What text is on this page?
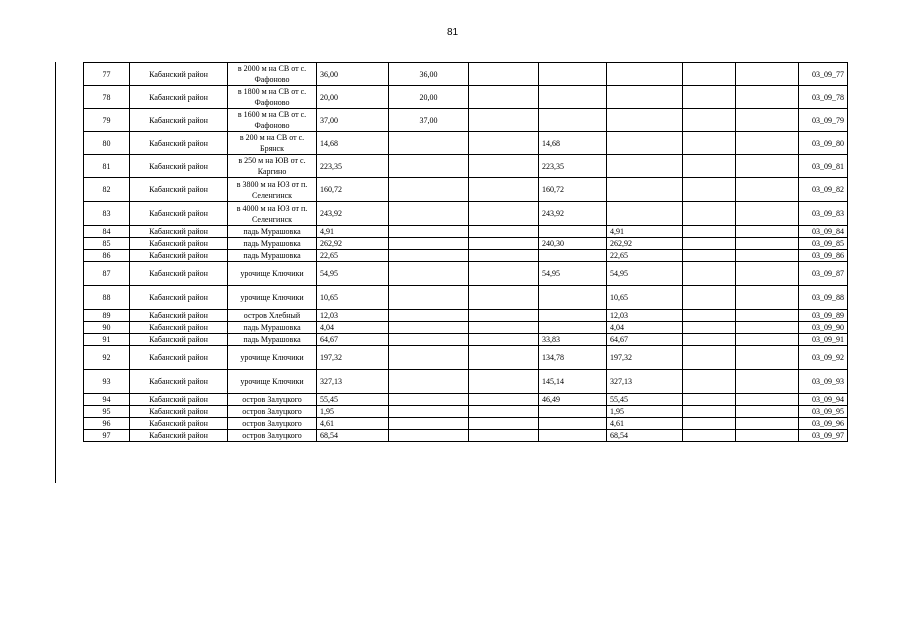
81
77	Кабанский район	в 2000 м на СВ от с. Фафоново	36,00	36,00						03_09_77
78	Кабанский район	в 1800 м на СВ от с. Фафоново	20,00	20,00						03_09_78
79	Кабанский район	в 1600 м на СВ от с. Фафоново	37,00	37,00						03_09_79
80	Кабанский район	в 200 м на СВ от с. Брянск	14,68			14,68				03_09_80
81	Кабанский район	в 250 м на ЮВ от с. Каргино	223,35			223,35				03_09_81
82	Кабанский район	в 3800 м на ЮЗ от п. Селенгинск	160,72			160,72				03_09_82
83	Кабанский район	в 4000 м на ЮЗ от п. Селенгинск	243,92			243,92				03_09_83
84	Кабанский район	падь Мурашовка	4,91				4,91			03_09_84
85	Кабанский район	падь Мурашовка	262,92			240,30	262,92			03_09_85
86	Кабанский район	падь Мурашовка	22,65				22,65			03_09_86
87	Кабанский район	урочище Ключики	54,95			54,95	54,95			03_09_87
88	Кабанский район	урочище Ключики	10,65				10,65			03_09_88
89	Кабанский район	остров Хлебный	12,03				12,03			03_09_89
90	Кабанский район	падь Мурашовка	4,04				4,04			03_09_90
91	Кабанский район	падь Мурашовка	64,67			33,83	64,67			03_09_91
92	Кабанский район	урочище Ключики	197,32			134,78	197,32			03_09_92
93	Кабанский район	урочище Ключики	327,13			145,14	327,13			03_09_93
94	Кабанский район	остров Залуцкого	55,45			46,49	55,45			03_09_94
95	Кабанский район	остров Залуцкого	1,95				1,95			03_09_95
96	Кабанский район	остров Залуцкого	4,61				4,61			03_09_96
97	Кабанский район	остров Залуцкого	68,54				68,54			03_09_97
